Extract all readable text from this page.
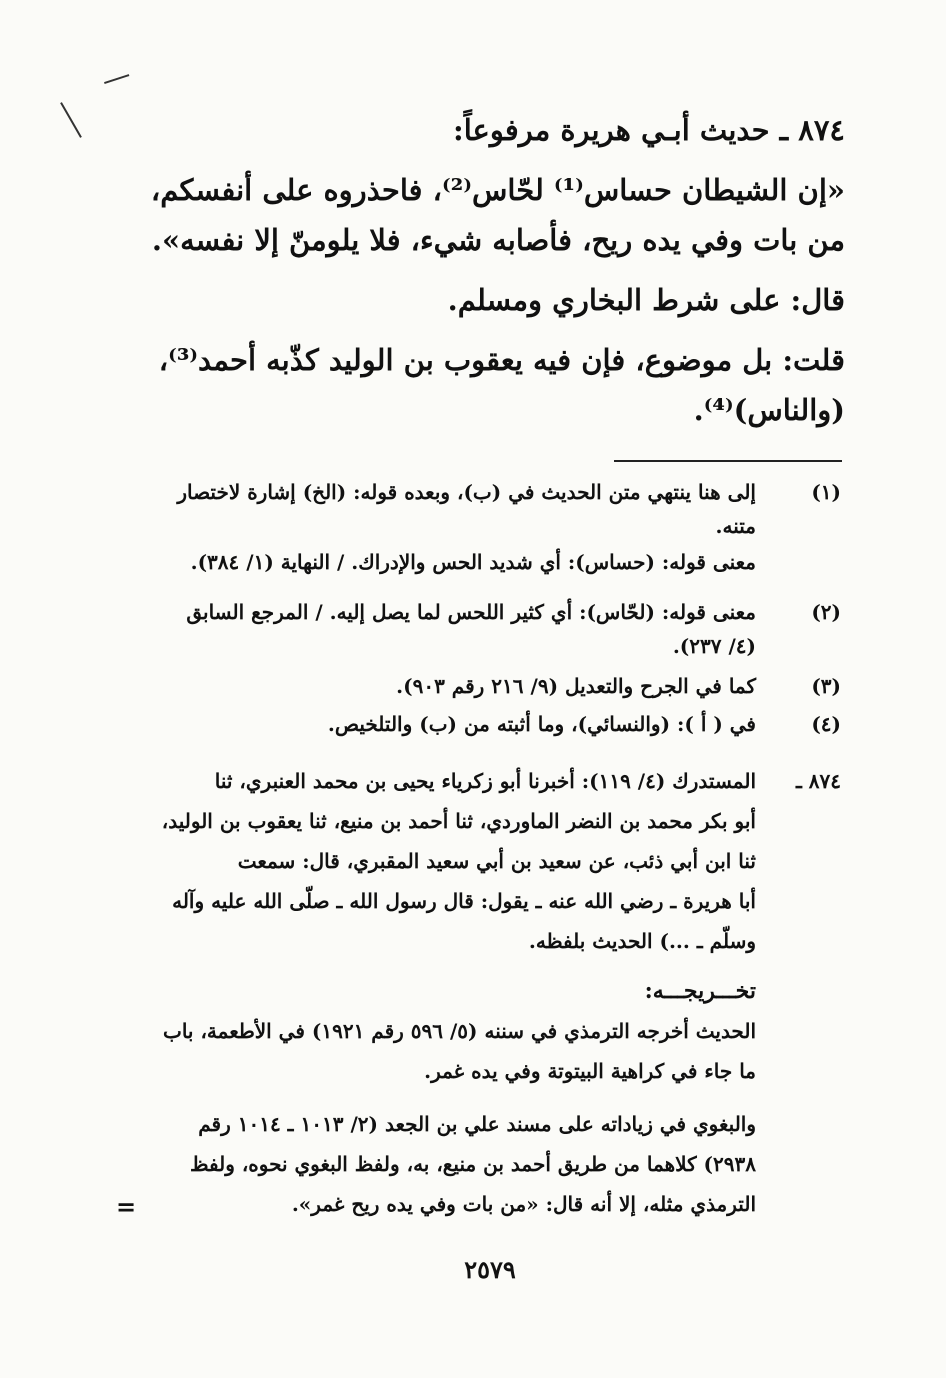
٨٧٤ ـ حديث أبـي هريرة مرفوعاً:
«إن الشيطان حساس⁽¹⁾ لحّاس⁽²⁾، فاحذروه على أنفسكم،
من بات وفي يده ريح، فأصابه شيء، فلا يلومنّ إلا نفسه».
قال: على شرط البخاري ومسلم.
قلت: بل موضوع، فإن فيه يعقوب بن الوليد كذّبه أحمد⁽³⁾،
(والناس)⁽⁴⁾.
(١)
إلى هنا ينتهي متن الحديث في (ب)، وبعده قوله: (الخ) إشارة لاختصار
متنه.
معنى قوله: (حساس): أي شديد الحس والإدراك. / النهاية (١/ ٣٨٤).
(٢)
معنى قوله: (لحّاس): أي كثير اللحس لما يصل إليه. / المرجع السابق
(٤/ ٢٣٧).
(٣)
كما في الجرح والتعديل (٩/ ٢١٦ رقم ٩٠٣).
(٤)
في ( أ ): (والنسائي)، وما أثبته من (ب) والتلخيص.
٨٧٤ ـ
المستدرك (٤/ ١١٩): أخبرنا أبو زكرياء يحيى بن محمد العنبري، ثنا
أبو بكر محمد بن النضر الماوردي، ثنا أحمد بن منيع، ثنا يعقوب بن الوليد،
ثنا ابن أبي ذئب، عن سعيد بن أبي سعيد المقبري، قال: سمعت
أبا هريرة ـ رضي الله عنه ـ يقول: قال رسول الله ـ صلّى الله عليه وآله
وسلّم ـ ...) الحديث بلفظه.
تخـــريجـــه:
الحديث أخرجه الترمذي في سننه (٥/ ٥٩٦ رقم ١٩٢١) في الأطعمة، باب
ما جاء في كراهية البيتوتة وفي يده غمر.
والبغوي في زياداته على مسند علي بن الجعد (٢/ ١٠١٣ ـ ١٠١٤ رقم
٢٩٣٨) كلاهما من طريق أحمد بن منيع، به، ولفظ البغوي نحوه، ولفظ
الترمذي مثله، إلا أنه قال: «من بات وفي يده ريح غمر».
=
٢٥٧٩
